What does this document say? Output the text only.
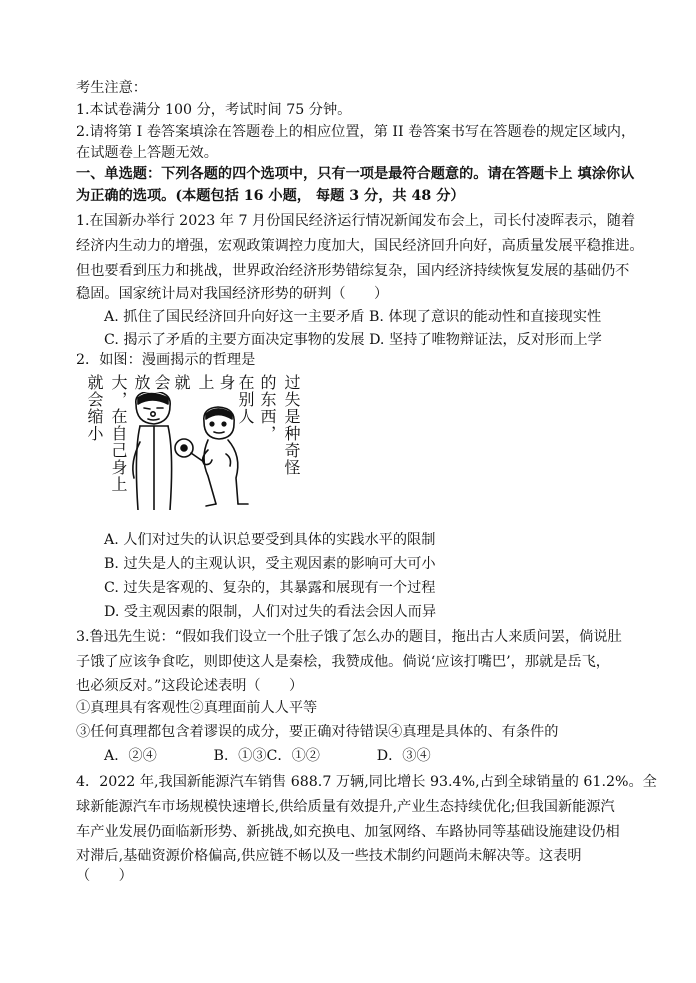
考生注意：
1.本试卷满分 100 分，考试时间 75 分钟。
2.请将第 I 卷答案填涂在答题卷上的相应位置，第 II 卷答案书写在答题卷的规定区域内，
在试题卷上答题无效。
一、单选题：下列各题的四个选项中，只有一项是最符合题意的。请在答题卡上 填涂你认
为正确的选项。(本题包括 16 小题， 每题 3 分，共 48 分）
1.在国新办举行 2023 年 7 月份国民经济运行情况新闻发布会上，司长付凌晖表示，随着
经济内生动力的增强，宏观政策调控力度加大，国民经济回升向好，高质量发展平稳推进。
但也要看到压力和挑战，世界政治经济形势错综复杂，国内经济持续恢复发展的基础仍不
稳固。国家统计局对我国经济形势的研判（　　）
A. 抓住了国民经济回升向好这一主要矛盾 B. 体现了意识的能动性和直接现实性
C. 揭示了矛盾的主要方面决定事物的发展 D. 坚持了唯物辩证法，反对形而上学
2．如图：漫画揭示的哲理是
就会缩小 大，在自己身上 放 会 就 上 身 在别人 的东西， 过失是种奇怪
A. 人们对过失的认识总要受到具体的实践水平的限制
B. 过失是人的主观认识，受主观因素的影响可大可小
C. 过失是客观的、复杂的，其暴露和展现有一个过程
D. 受主观因素的限制，人们对过失的看法会因人而异
3.鲁迅先生说：“假如我们设立一个肚子饿了怎么办的题目，拖出古人来质问罢，倘说肚
子饿了应该争食吃，则即使这人是秦桧，我赞成他。倘说‘应该打嘴巴’，那就是岳飞，
也必须反对。”这段论述表明（　　）
①真理具有客观性②真理面前人人平等
③任何真理都包含着谬误的成分，要正确对待错误④真理是具体的、有条件的
A．②④　　　　B．①③C．①②　　　　D．③④
4．2022 年,我国新能源汽车销售 688.7 万辆,同比增长 93.4%,占到全球销量的 61.2%。全
球新能源汽车市场规模快速增长,供给质量有效提升,产业生态持续优化;但我国新能源汽
车产业发展仍面临新形势、新挑战,如充换电、加氢网络、车路协同等基础设施建设仍相
对滞后,基础资源价格偏高,供应链不畅以及一些技术制约问题尚未解决等。这表明
（　　）
